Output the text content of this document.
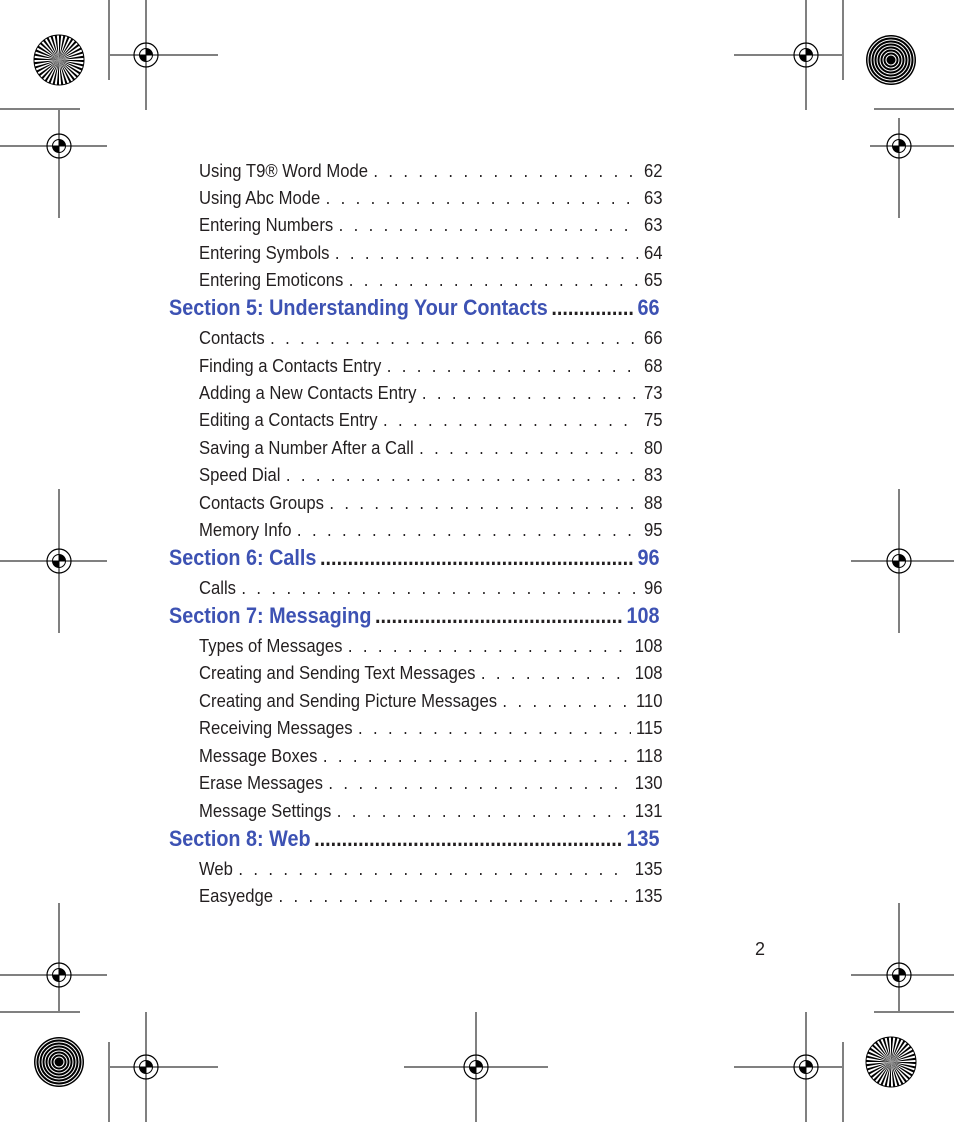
Using T9® Word Mode . . .	62
Using Abc Mode . . .	63
Entering Numbers . . .	63
Entering Symbols . . .	64
Entering Emoticons . . .	65
Section 5: Understanding Your Contacts .....	66
Contacts . . .	66
Finding a Contacts Entry . . .	68
Adding a New Contacts Entry . . .	73
Editing a Contacts Entry . . .	75
Saving a Number After a Call . . .	80
Speed Dial . . .	83
Contacts Groups . . .	88
Memory Info . . .	95
Section 6: Calls .....	96
Calls . . .	96
Section 7: Messaging .....	108
Types of Messages . . .	108
Creating and Sending Text Messages . . .	108
Creating and Sending Picture Messages . . .	110
Receiving Messages . . .	115
Message Boxes . . .	118
Erase Messages . . .	130
Message Settings . . .	131
Section 8: Web .....	135
Web . . .	135
Easyedge . . .	135
2
